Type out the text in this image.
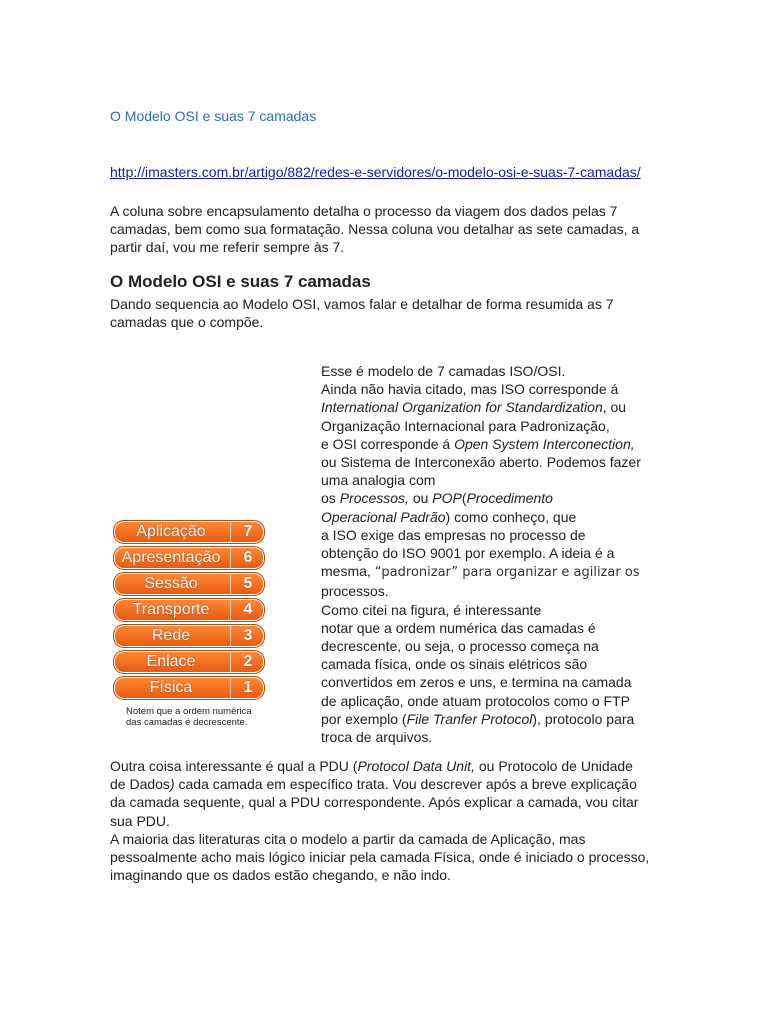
O Modelo OSI e suas 7 camadas
http://imasters.com.br/artigo/882/redes-e-servidores/o-modelo-osi-e-suas-7-camadas/
A coluna sobre encapsulamento detalha o processo da viagem dos dados pelas 7 camadas, bem como sua formatação. Nessa coluna vou detalhar as sete camadas, a partir daí, vou me referir sempre às 7.
O Modelo OSI e suas 7 camadas
Dando sequencia ao Modelo OSI, vamos falar e detalhar de forma resumida as 7 camadas que o compõe.
Aplicação	7
Apresentação	6
Sessão	5
Transporte	4
Rede	3
Enlace	2
Física	1
Notem que a ordem numérica
das camadas é decrescente.
Esse é modelo de 7 camadas ISO/OSI.
Ainda não havia citado, mas ISO corresponde á
International Organization for Standardization, ou
Organização Internacional para Padronização,
e OSI corresponde á Open System Interconection,
ou Sistema de Interconexão aberto. Podemos fazer
uma analogia com
os Processos, ou POP(Procedimento
Operacional Padrão) como conheço, que
a ISO exige das empresas no processo de
obtenção do ISO 9001 por exemplo. A ideia é a
mesma, “padronizar” para organizar e agilizar os
processos.
Como citei na figura, é interessante
notar que a ordem numérica das camadas é
decrescente, ou seja, o processo começa na
camada física, onde os sinais elétricos são
convertidos em zeros e uns, e termina na camada
de aplicação, onde atuam protocolos como o FTP
por exemplo (File Tranfer Protocol), protocolo para
troca de arquivos.
Outra coisa interessante é qual a PDU (Protocol Data Unit, ou Protocolo de Unidade
de Dados) cada camada em específico trata. Vou descrever após a breve explicação
da camada sequente, qual a PDU correspondente. Após explicar a camada, vou citar
sua PDU.
A maioria das literaturas cita o modelo a partir da camada de Aplicação, mas
pessoalmente acho mais lógico iniciar pela camada Física, onde é iniciado o processo,
imaginando que os dados estão chegando, e não indo.
